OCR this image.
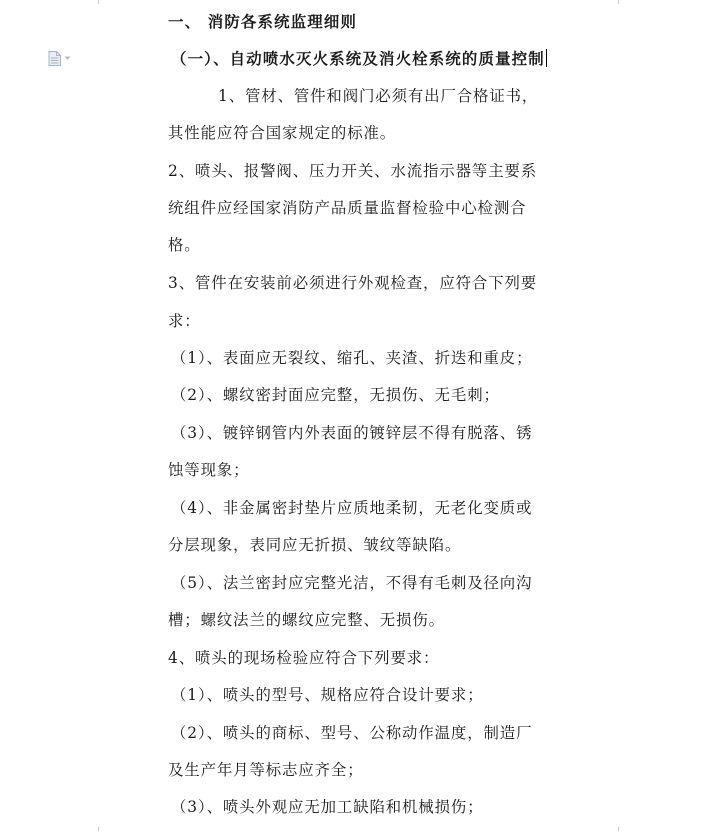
一、 消防各系统监理细则
（一）、自动喷水灭火系统及消火栓系统的质量控制
1、管材、管件和阀门必须有出厂合格证书，
其性能应符合国家规定的标准。
2、喷头、报警阀、压力开关、水流指示器等主要系
统组件应经国家消防产品质量监督检验中心检测合
格。
3、管件在安装前必须进行外观检查，应符合下列要
求：
（1）、表面应无裂纹、缩孔、夹渣、折迭和重皮；
（2）、螺纹密封面应完整，无损伤、无毛刺；
（3）、镀锌钢管内外表面的镀锌层不得有脱落、锈
蚀等现象；
（4）、非金属密封垫片应质地柔韧，无老化变质或
分层现象，表同应无折损、皱纹等缺陷。
（5）、法兰密封应完整光洁，不得有毛刺及径向沟
槽；螺纹法兰的螺纹应完整、无损伤。
4、喷头的现场检验应符合下列要求：
（1）、喷头的型号、规格应符合设计要求；
（2）、喷头的商标、型号、公称动作温度，制造厂
及生产年月等标志应齐全；
（3）、喷头外观应无加工缺陷和机械损伤；
